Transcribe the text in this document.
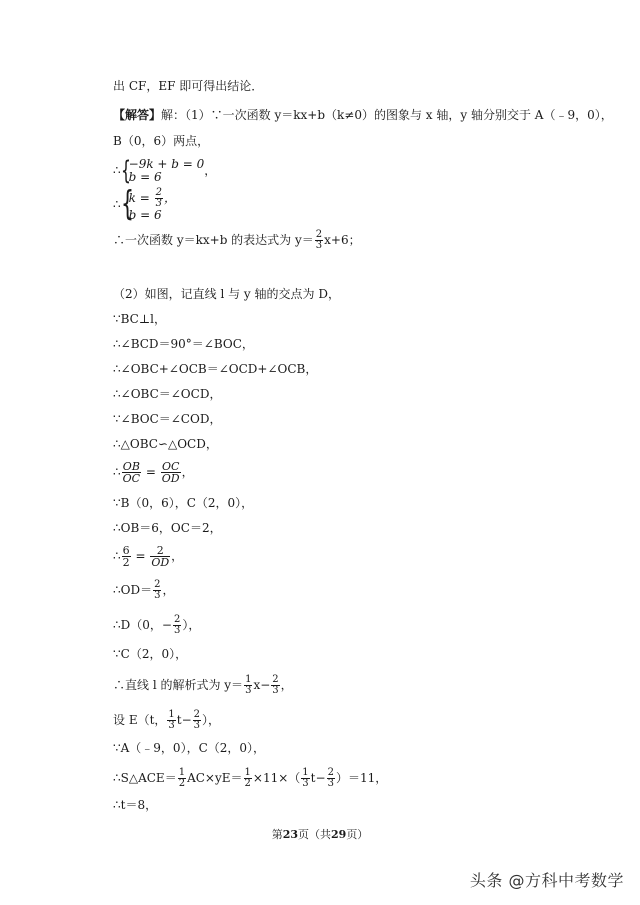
出 CF，EF 即可得出结论．
【解答】解：（1）∵一次函数 y＝kx+b（k≠0）的图象与 x 轴，y 轴分别交于 A（﹣9，0），
B（0，6）两点，
∴ {
−9k + b = 0
b = 6	，
∴ {
$k = \frac{2}{3}$ ，
b = 6
∴一次函数 y＝kx+b 的表达式为 $y= \frac{2}{3} x+6$；
（2）如图，记直线 l 与 y 轴的交点为 D，
∵BC⊥l，
∴∠BCD＝90°＝∠BOC，
∴∠OBC+∠OCB＝∠OCD+∠OCB，
∴∠OBC＝∠OCD，
∵∠BOC＝∠COD，
∴△OBC∽△OCD，
∴ $\frac{OB}{OC} = \frac{OC}{OD}$ ，
∵B（0，6），C（2，0），
∴OB＝6，OC＝2，
∴ $\frac{6}{2} = \frac{2}{OD}$ ，
∴OD＝ $\frac{2}{3}$ ，
∴D（0，− $\frac{2}{3}$ ），
∵C（2，0），
∴直线 l 的解析式为 $y= \frac{1}{3} x- \frac{2}{3}$ ，
设 E（t， $\frac{1}{3} t- \frac{2}{3}$ ），
∵A（﹣9，0），C（2，0），
∴S△ACE＝ $\frac{1}{2} AC\times yE= \frac{1}{2} \times 11\times( \frac{1}{3} t- \frac{2}{3} )=11$，
∴t＝8，
第23页（共29页）
头条 @方科中考数学
